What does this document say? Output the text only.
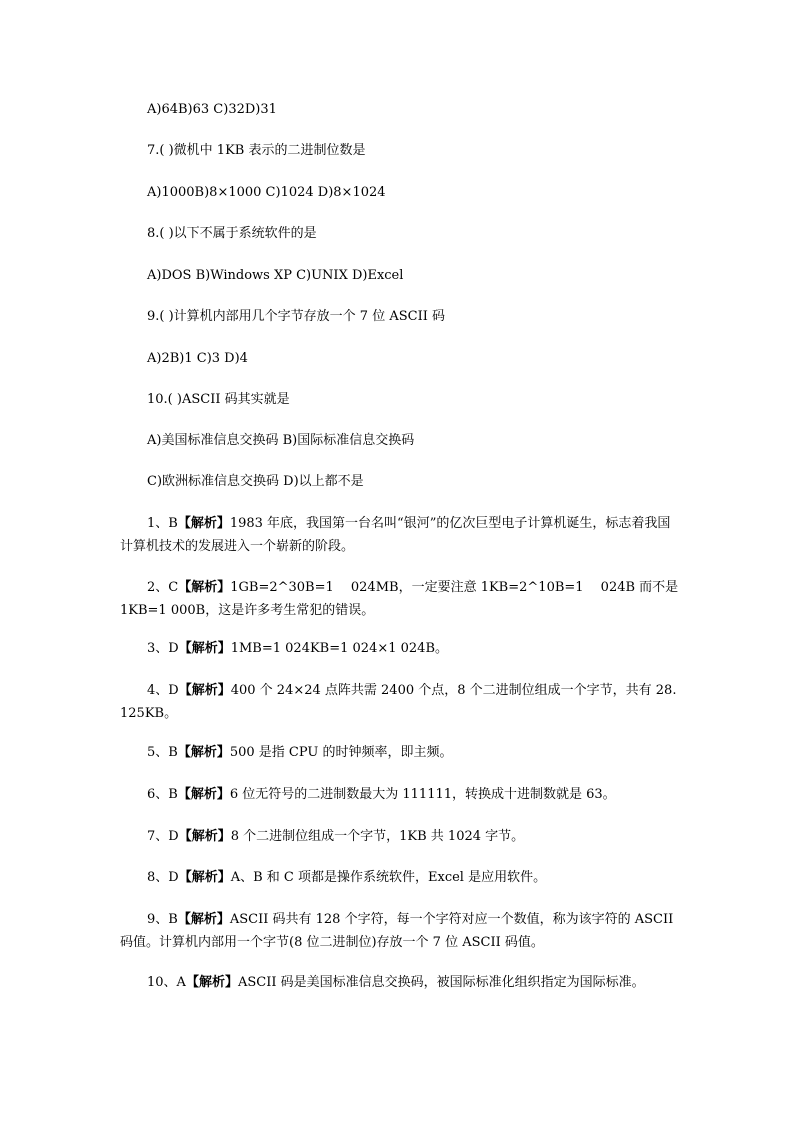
A)64B)63 C)32D)31

7.( )微机中 1KB 表示的二进制位数是

A)1000B)8×1000 C)1024 D)8×1024

8.( )以下不属于系统软件的是

A)DOS B)Windows XP C)UNIX D)Excel

9.( )计算机内部用几个字节存放一个 7 位 ASCII 码

A)2B)1 C)3 D)4

10.( )ASCII 码其实就是

A)美国标准信息交换码 B)国际标准信息交换码

C)欧洲标准信息交换码 D)以上都不是

1、B【解析】1983 年底，我国第一台名叫“银河”的亿次巨型电子计算机诞生，标志着我国计算机技术的发展进入一个崭新的阶段。

2、C【解析】1GB=2^30B=1　 024MB，一定要注意 1KB=2^10B=1　 024B 而不是 1KB=1 000B，这是许多考生常犯的错误。

3、D【解析】1MB=1 024KB=1 024×1 024B。

4、D【解析】400 个 24×24 点阵共需 2400 个点，8 个二进制位组成一个字节，共有 28.125KB。

5、B【解析】500 是指 CPU 的时钟频率，即主频。

6、B【解析】6 位无符号的二进制数最大为 111111，转换成十进制数就是 63。

7、D【解析】8 个二进制位组成一个字节，1KB 共 1024 字节。

8、D【解析】A、B 和 C 项都是操作系统软件，Excel 是应用软件。

9、B【解析】ASCII 码共有 128 个字符，每一个字符对应一个数值，称为该字符的 ASCII 码值。计算机内部用一个字节(8 位二进制位)存放一个 7 位 ASCII 码值。

10、A【解析】ASCII 码是美国标准信息交换码，被国际标准化组织指定为国际标准。
